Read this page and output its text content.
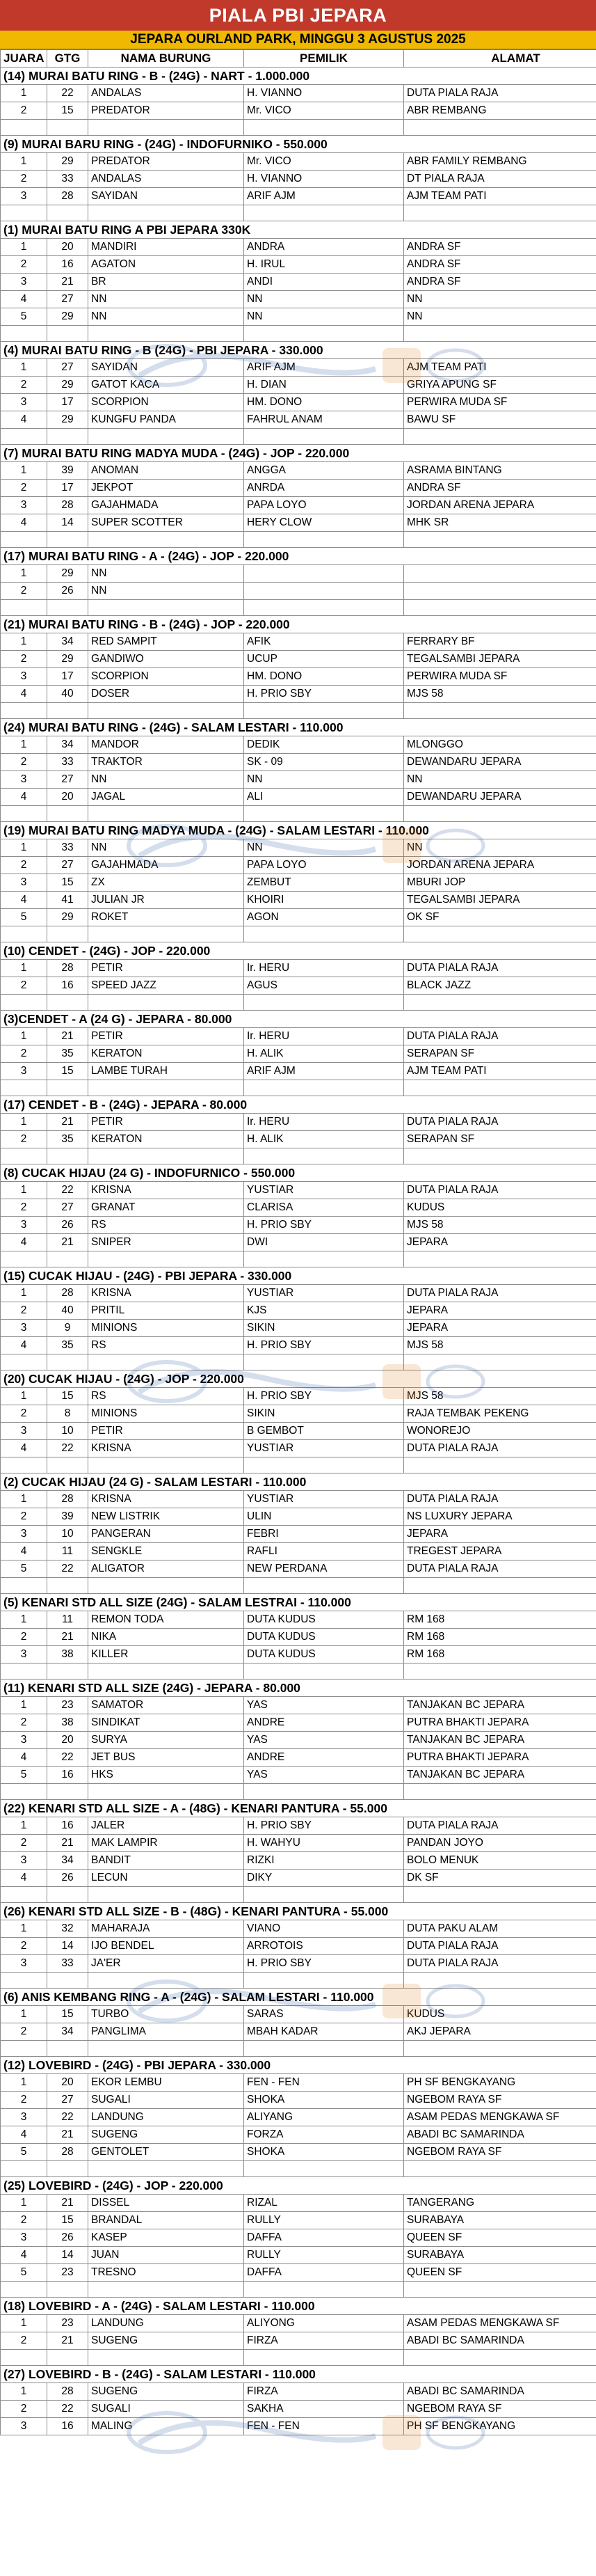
PIALA PBI JEPARA
JEPARA OURLAND PARK, MINGGU 3 AGUSTUS 2025
JUARA	GTG	NAMA BURUNG	PEMILIK	ALAMAT
(14) MURAI BATU RING - B - (24G) - NART - 1.000.000				
1	22	ANDALAS	H. VIANNO	DUTA PIALA RAJA
2	15	PREDATOR	Mr. VICO	ABR REMBANG

(9) MURAI BARU RING - (24G) - INDOFURNIKO - 550.000				
1	29	PREDATOR	Mr. VICO	ABR FAMILY REMBANG
2	33	ANDALAS	H. VIANNO	DT PIALA RAJA
3	28	SAYIDAN	ARIF AJM	AJM TEAM PATI

(1) MURAI BATU RING A PBI JEPARA 330K				
1	20	MANDIRI	ANDRA	ANDRA SF
2	16	AGATON	H. IRUL	ANDRA SF
3	21	BR	ANDI	ANDRA SF
4	27	NN	NN	NN
5	29	NN	NN	NN

(4) MURAI BATU RING - B (24G) - PBI JEPARA - 330.000				
1	27	SAYIDAN	ARIF AJM	AJM TEAM PATI
2	29	GATOT KACA	H. DIAN	GRIYA APUNG SF
3	17	SCORPION	HM. DONO	PERWIRA MUDA SF
4	29	KUNGFU PANDA	FAHRUL ANAM	BAWU SF

(7) MURAI BATU RING MADYA MUDA - (24G) - JOP - 220.000				
1	39	ANOMAN	ANGGA	ASRAMA BINTANG
2	17	JEKPOT	ANRDA	ANDRA SF
3	28	GAJAHMADA	PAPA LOYO	JORDAN ARENA JEPARA
4	14	SUPER SCOTTER	HERY CLOW	MHK SR

(17) MURAI BATU RING - A - (24G) - JOP - 220.000				
1	29	NN		
2	26	NN		

(21) MURAI BATU RING - B - (24G) - JOP - 220.000				
1	34	RED SAMPIT	AFIK	FERRARY BF
2	29	GANDIWO	UCUP	TEGALSAMBI JEPARA
3	17	SCORPION	HM. DONO	PERWIRA MUDA SF
4	40	DOSER	H. PRIO SBY	MJS 58

(24) MURAI BATU RING - (24G) - SALAM LESTARI - 110.000				
1	34	MANDOR	DEDIK	MLONGGO
2	33	TRAKTOR	SK - 09	DEWANDARU JEPARA
3	27	NN	NN	NN
4	20	JAGAL	ALI	DEWANDARU JEPARA

(19) MURAI BATU RING MADYA MUDA - (24G) - SALAM LESTARI - 110.000				
1	33	NN	NN	NN
2	27	GAJAHMADA	PAPA LOYO	JORDAN ARENA JEPARA
3	15	ZX	ZEMBUT	MBURI JOP
4	41	JULIAN JR	KHOIRI	TEGALSAMBI JEPARA
5	29	ROKET	AGON	OK SF

(10) CENDET - (24G) - JOP - 220.000				
1	28	PETIR	Ir. HERU	DUTA PIALA RAJA
2	16	SPEED JAZZ	AGUS	BLACK JAZZ

(3)CENDET - A (24 G) - JEPARA - 80.000				
1	21	PETIR	Ir. HERU	DUTA PIALA RAJA
2	35	KERATON	H. ALIK	SERAPAN SF
3	15	LAMBE TURAH	ARIF AJM	AJM TEAM PATI

(17) CENDET - B - (24G) - JEPARA - 80.000				
1	21	PETIR	Ir. HERU	DUTA PIALA RAJA
2	35	KERATON	H. ALIK	SERAPAN SF

(8) CUCAK HIJAU (24 G) - INDOFURNICO - 550.000				
1	22	KRISNA	YUSTIAR	DUTA PIALA RAJA
2	27	GRANAT	CLARISA	KUDUS
3	26	RS	H. PRIO SBY	MJS 58
4	21	SNIPER	DWI	JEPARA

(15) CUCAK HIJAU - (24G) - PBI JEPARA - 330.000				
1	28	KRISNA	YUSTIAR	DUTA PIALA RAJA
2	40	PRITIL	KJS	JEPARA
3	9	MINIONS	SIKIN	JEPARA
4	35	RS	H. PRIO SBY	MJS 58

(20) CUCAK HIJAU - (24G) - JOP - 220.000				
1	15	RS	H. PRIO SBY	MJS 58
2	8	MINIONS	SIKIN	RAJA TEMBAK PEKENG
3	10	PETIR	B GEMBOT	WONOREJO
4	22	KRISNA	YUSTIAR	DUTA PIALA RAJA

(2) CUCAK HIJAU (24 G) - SALAM LESTARI - 110.000				
1	28	KRISNA	YUSTIAR	DUTA PIALA RAJA
2	39	NEW LISTRIK	ULIN	NS LUXURY JEPARA
3	10	PANGERAN	FEBRI	JEPARA
4	11	SENGKLE	RAFLI	TREGEST JEPARA
5	22	ALIGATOR	NEW PERDANA	DUTA PIALA RAJA

(5) KENARI STD ALL SIZE (24G) - SALAM LESTRAI - 110.000				
1	11	REMON TODA	DUTA KUDUS	RM 168
2	21	NIKA	DUTA KUDUS	RM 168
3	38	KILLER	DUTA KUDUS	RM 168

(11) KENARI STD ALL SIZE (24G) - JEPARA - 80.000				
1	23	SAMATOR	YAS	TANJAKAN BC JEPARA
2	38	SINDIKAT	ANDRE	PUTRA BHAKTI JEPARA
3	20	SURYA	YAS	TANJAKAN BC JEPARA
4	22	JET BUS	ANDRE	PUTRA BHAKTI JEPARA
5	16	HKS	YAS	TANJAKAN BC JEPARA

(22) KENARI STD ALL SIZE - A - (48G) - KENARI PANTURA - 55.000				
1	16	JALER	H. PRIO SBY	DUTA PIALA RAJA
2	21	MAK LAMPIR	H. WAHYU	PANDAN JOYO
3	34	BANDIT	RIZKI	BOLO MENUK
4	26	LECUN	DIKY	DK SF

(26) KENARI STD ALL SIZE - B - (48G) - KENARI PANTURA - 55.000				
1	32	MAHARAJA	VIANO	DUTA PAKU ALAM
2	14	IJO BENDEL	ARROTOIS	DUTA PIALA RAJA
3	33	JA'ER	H. PRIO SBY	DUTA PIALA RAJA

(6) ANIS KEMBANG RING - A - (24G) - SALAM LESTARI - 110.000				
1	15	TURBO	SARAS	KUDUS
2	34	PANGLIMA	MBAH KADAR	AKJ JEPARA

(12) LOVEBIRD - (24G) - PBI JEPARA - 330.000				
1	20	EKOR LEMBU	FEN - FEN	PH SF BENGKAYANG
2	27	SUGALI	SHOKA	NGEBOM RAYA SF
3	22	LANDUNG	ALIYANG	ASAM PEDAS MENGKAWA SF
4	21	SUGENG	FORZA	ABADI BC SAMARINDA
5	28	GENTOLET	SHOKA	NGEBOM RAYA SF

(25) LOVEBIRD - (24G) - JOP - 220.000				
1	21	DISSEL	RIZAL	TANGERANG
2	15	BRANDAL	RULLY	SURABAYA
3	26	KASEP	DAFFA	QUEEN SF
4	14	JUAN	RULLY	SURABAYA
5	23	TRESNO	DAFFA	QUEEN SF

(18) LOVEBIRD - A - (24G) - SALAM LESTARI - 110.000				
1	23	LANDUNG	ALIYONG	ASAM PEDAS MENGKAWA SF
2	21	SUGENG	FIRZA	ABADI BC SAMARINDA

(27) LOVEBIRD - B - (24G) - SALAM LESTARI - 110.000				
1	28	SUGENG	FIRZA	ABADI BC SAMARINDA
2	22	SUGALI	SAKHA	NGEBOM RAYA SF
3	16	MALING	FEN - FEN	PH SF BENGKAYANG
